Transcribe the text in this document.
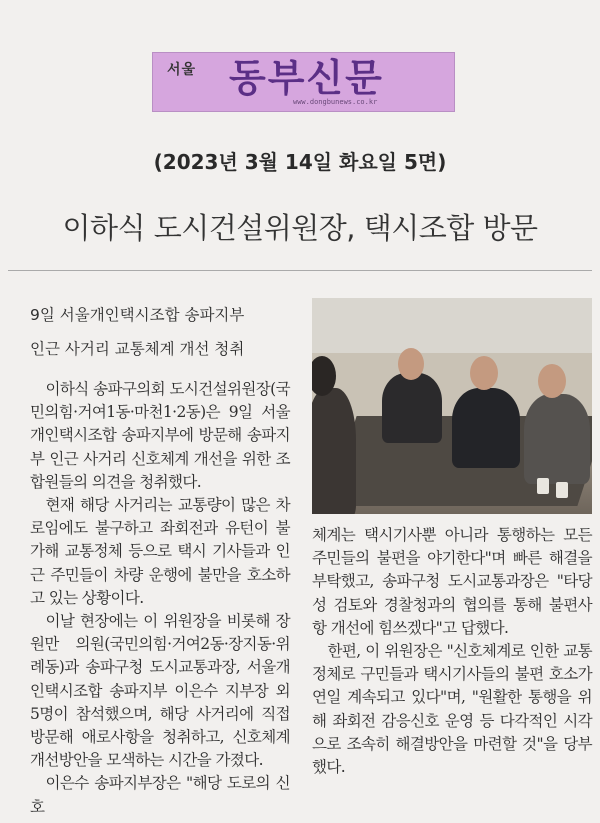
서울 동부신문
www.dongbunews.co.kr
(2023년 3월 14일 화요일 5면)
이하식 도시건설위원장, 택시조합 방문
9일 서울개인택시조합 송파지부
인근 사거리 교통체계 개선 청취

이하식 송파구의회 도시건설위원장(국민의힘·거여1동·마천1·2동)은 9일 서울개인택시조합 송파지부에 방문해 송파지부 인근 사거리 신호체계 개선을 위한 조합원들의 의견을 청취했다.

현재 해당 사거리는 교통량이 많은 차로임에도 불구하고 좌회전과 유턴이 불가해 교통정체 등으로 택시 기사들과 인근 주민들이 차량 운행에 불만을 호소하고 있는 상황이다.

이날 현장에는 이 위원장을 비롯해 장원만 의원(국민의힘·거여2동·장지동·위례동)과 송파구청 도시교통과장, 서울개인택시조합 송파지부 이은수 지부장 외 5명이 참석했으며, 해당 사거리에 직접 방문해 애로사항을 청취하고, 신호체계 개선방안을 모색하는 시간을 가졌다.

이은수 송파지부장은 "해당 도로의 신호

체계는 택시기사뿐 아니라 통행하는 모든 주민들의 불편을 야기한다"며 빠른 해결을 부탁했고, 송파구청 도시교통과장은 "타당성 검토와 경찰청과의 협의를 통해 불편사항 개선에 힘쓰겠다"고 답했다.

한편, 이 위원장은 "신호체계로 인한 교통정체로 구민들과 택시기사들의 불편 호소가 연일 계속되고 있다"며, "원활한 통행을 위해 좌회전 감응신호 운영 등 다각적인 시각으로 조속히 해결방안을 마련할 것"을 당부했다.
